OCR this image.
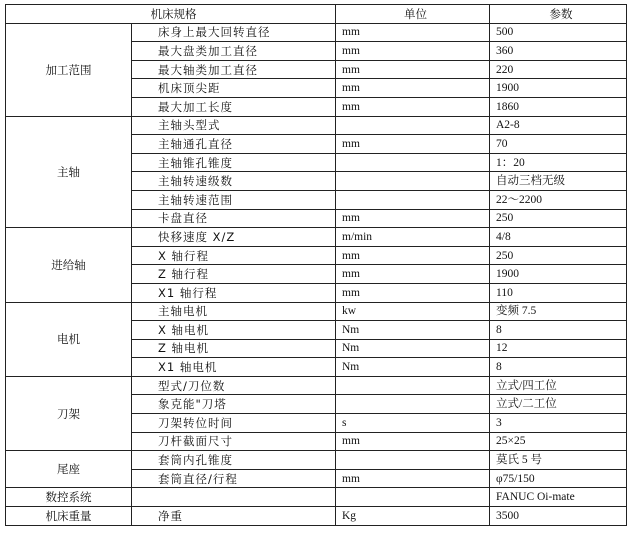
机床规格		单位	参数
加工范围	床身上最大回转直径	mm	500
	最大盘类加工直径	mm	360
	最大轴类加工直径	mm	220
	机床顶尖距	mm	1900
	最大加工长度	mm	1860
主轴	主轴头型式		A2-8
	主轴通孔直径	mm	70
	主轴锥孔锥度		1：20
	主轴转速级数		自动三档无级
	主轴转速范围		22～2200
	卡盘直径	mm	250
进给轴	快移速度 X/Z	m/min	4/8
	X 轴行程	mm	250
	Z 轴行程	mm	1900
	X1 轴行程	mm	110
电机	主轴电机	kw	变频 7.5
	X 轴电机	Nm	8
	Z 轴电机	Nm	12
	X1 轴电机	Nm	8
刀架	型式/刀位数		立式/四工位
	象克能"刀塔		立式/二工位
	刀架转位时间	s	3
	刀杆截面尺寸	mm	25×25
尾座	套筒内孔锥度		莫氏 5 号
	套筒直径/行程	mm	φ75/150
数控系统			FANUC Oi-mate
机床重量	净重	Kg	3500
